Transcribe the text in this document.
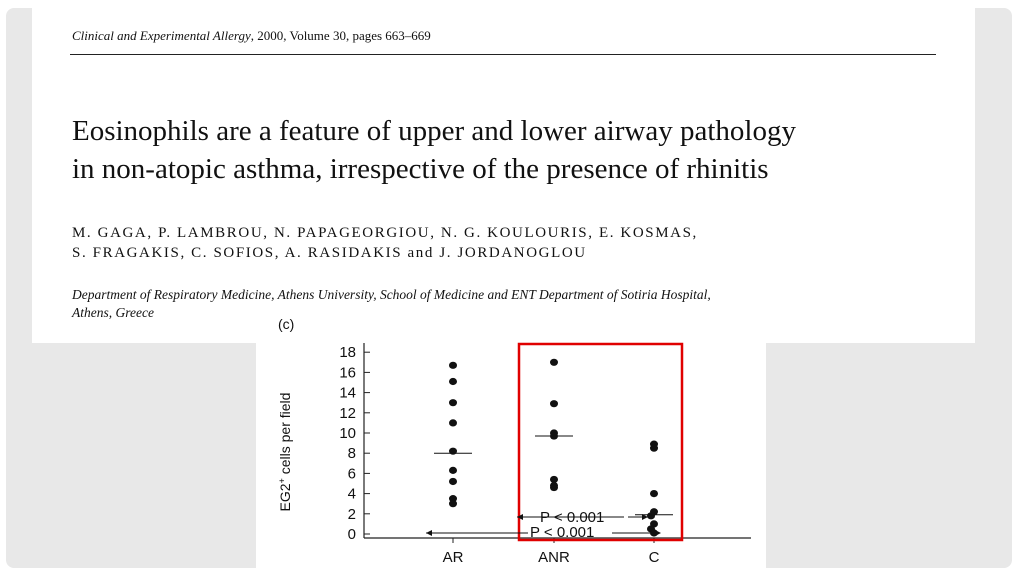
Clinical and Experimental Allergy, 2000, Volume 30, pages 663–669
Eosinophils are a feature of upper and lower airway pathology
in non-atopic asthma, irrespective of the presence of rhinitis
M. GAGA, P. LAMBROU, N. PAPAGEORGIOU, N. G. KOULOURIS, E. KOSMAS,
S. FRAGAKIS, C. SOFIOS, A. RASIDAKIS and J. JORDANOGLOU
Department of Respiratory Medicine, Athens University, School of Medicine and ENT Department of Sotiria Hospital,
Athens, Greece
(c)
0
2
4
6
8
10
12
14
16
18
EG2+ cells per field
AR	ANR	C
P < 0.001
P < 0.001
